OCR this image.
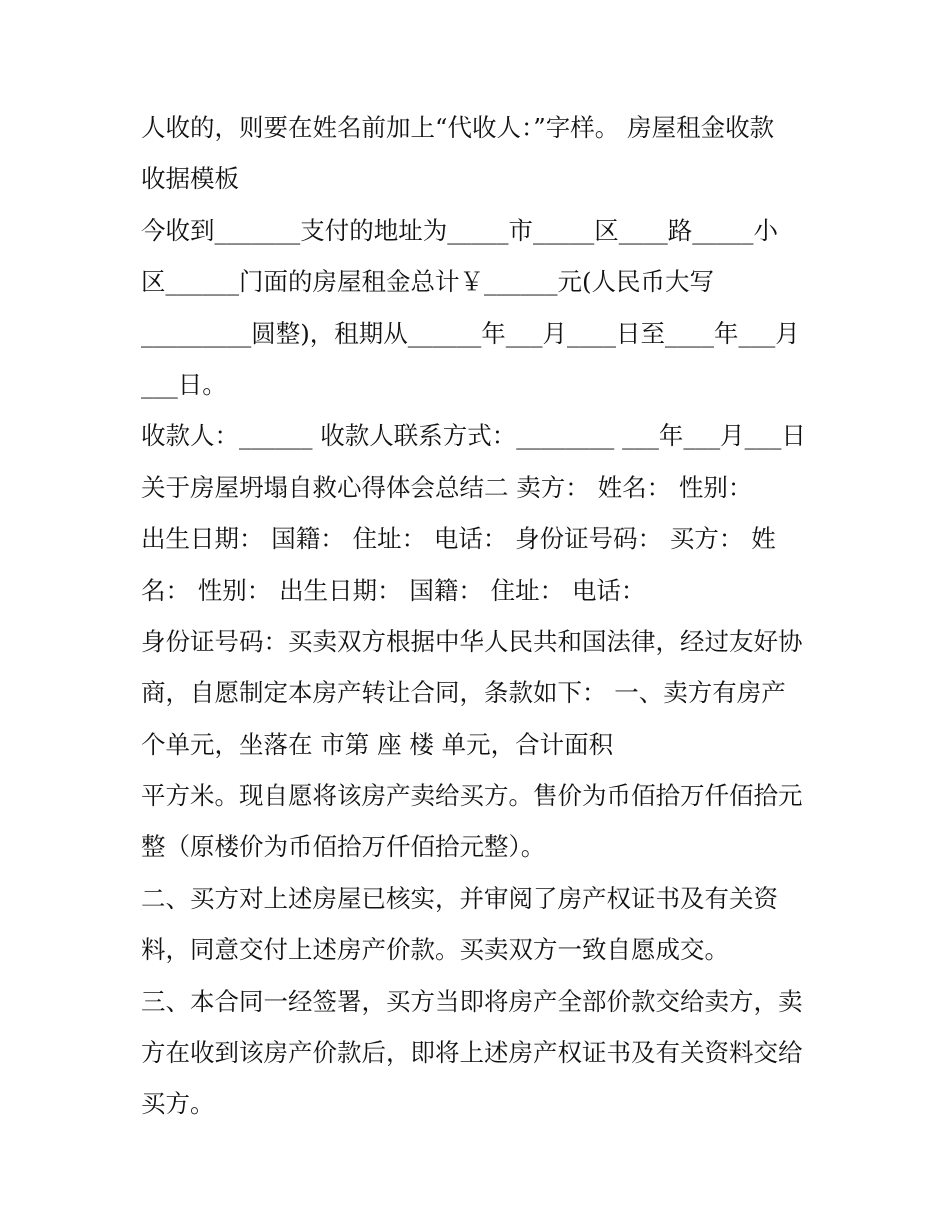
人收的，则要在姓名前加上“代收人：”字样。 房屋租金收款
收据模板
今收到_______支付的地址为_____市_____区____路_____小
区______门面的房屋租金总计￥______元(人民币大写
_________圆整)，租期从______年___月____日至____年___月
___日。
收款人：______ 收款人联系方式：________ ___年___月___日
关于房屋坍塌自救心得体会总结二 卖方： 姓名： 性别：
出生日期： 国籍： 住址： 电话： 身份证号码： 买方： 姓
名： 性别： 出生日期： 国籍： 住址： 电话：
身份证号码：买卖双方根据中华人民共和国法律，经过友好协
商，自愿制定本房产转让合同，条款如下： 一、卖方有房产
个单元，坐落在 市第 座 楼 单元，合计面积
平方米。现自愿将该房产卖给买方。售价为币佰拾万仟佰拾元
整（原楼价为币佰拾万仟佰拾元整）。
二、买方对上述房屋已核实，并审阅了房产权证书及有关资
料，同意交付上述房产价款。买卖双方一致自愿成交。
三、本合同一经签署，买方当即将房产全部价款交给卖方，卖
方在收到该房产价款后，即将上述房产权证书及有关资料交给
买方。
